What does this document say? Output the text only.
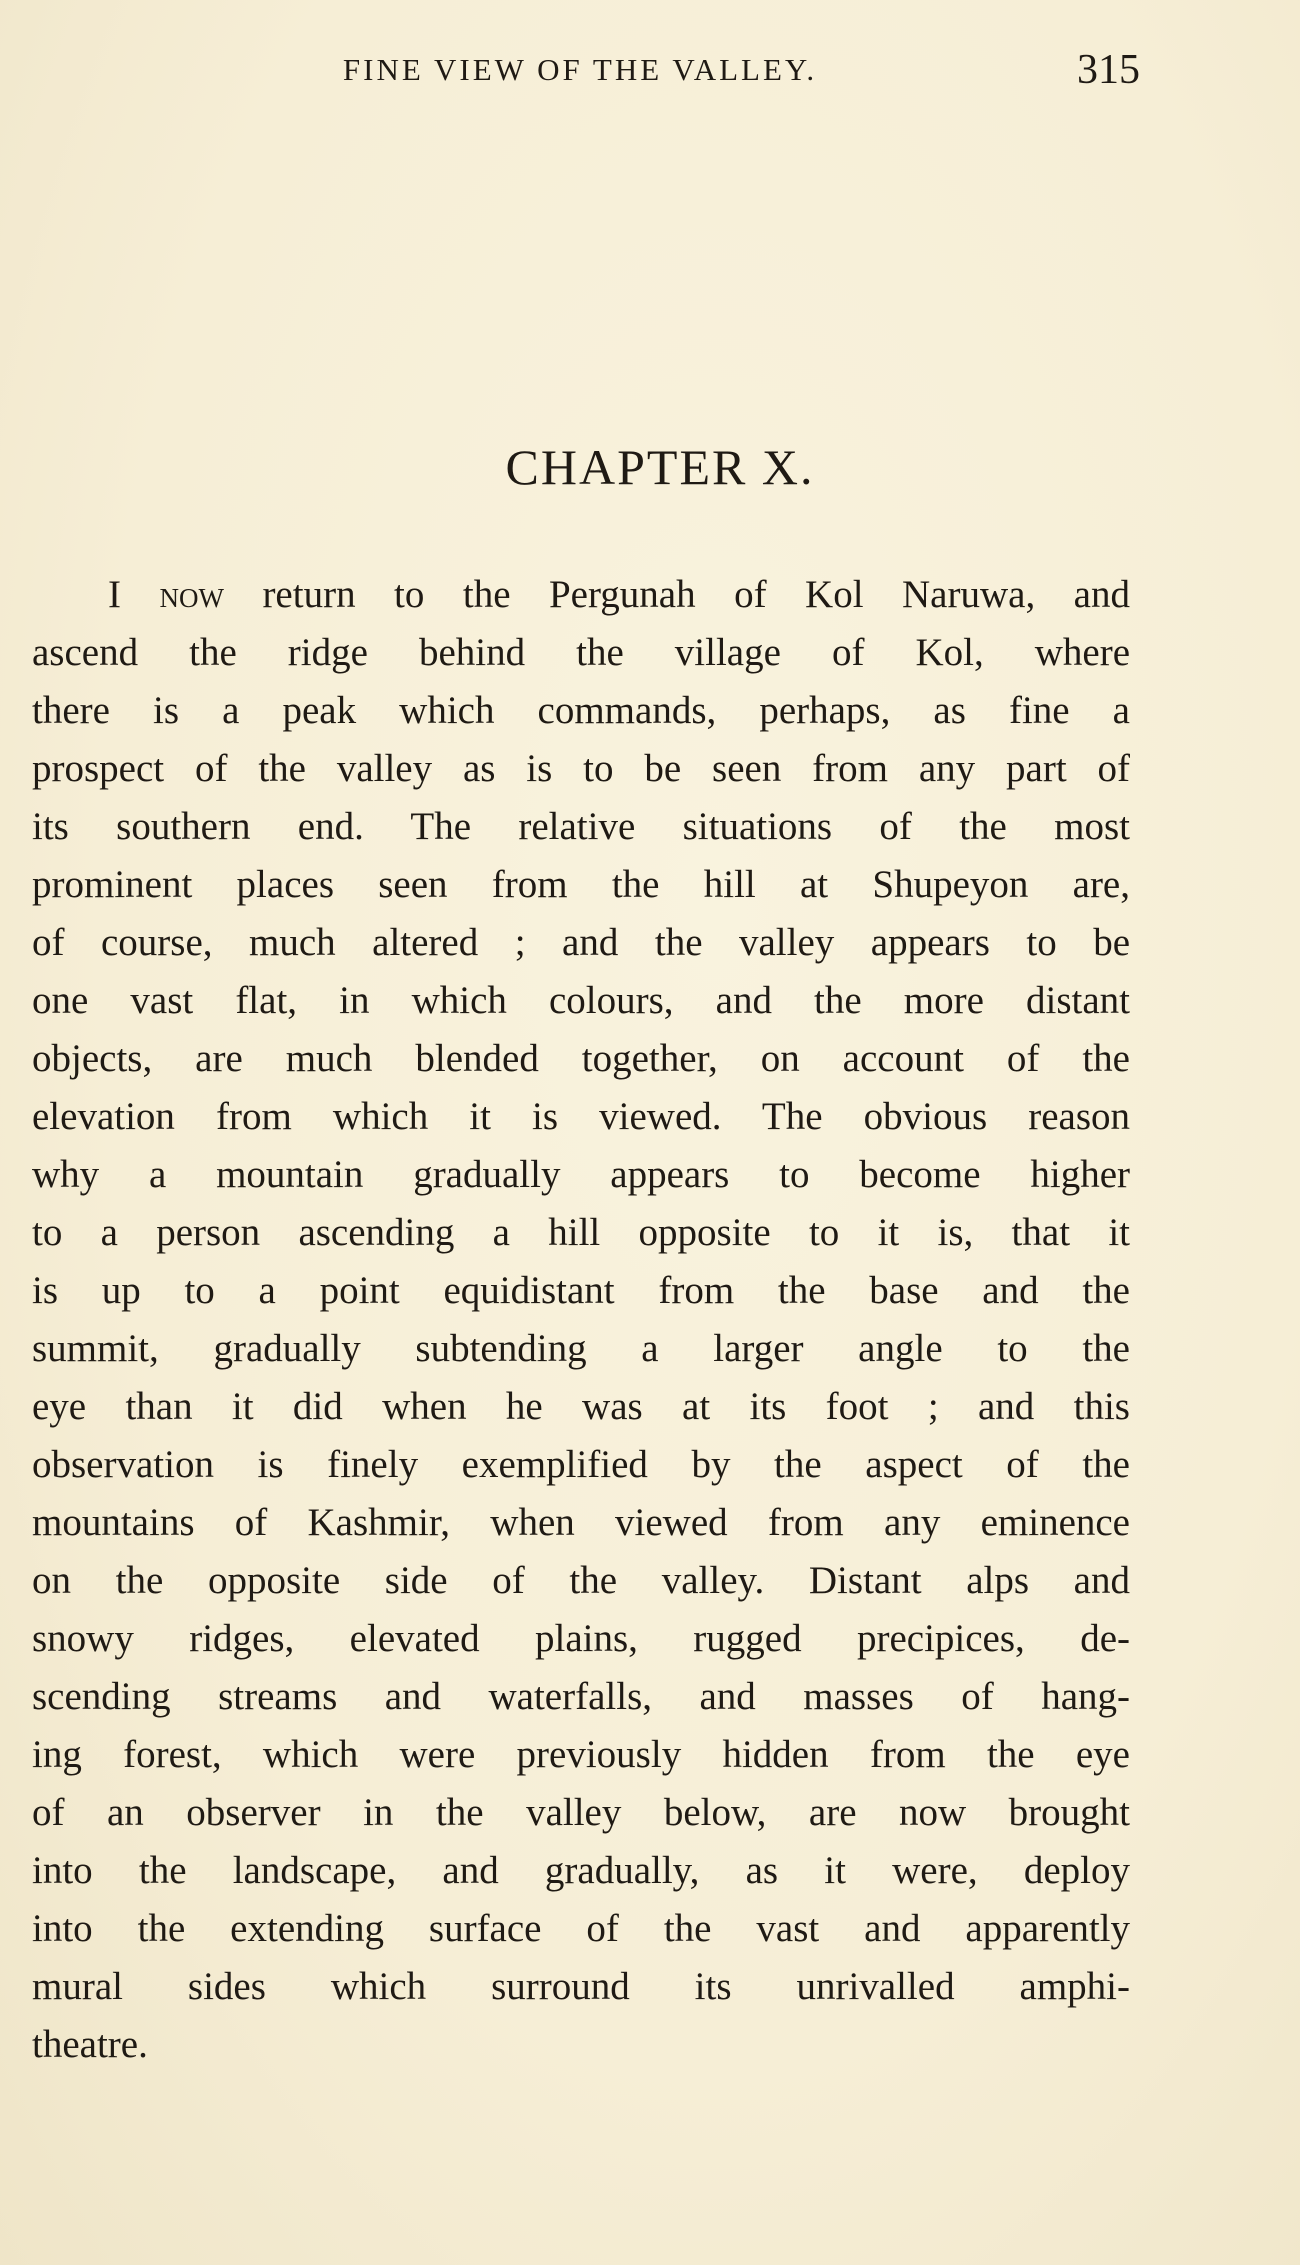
FINE VIEW OF THE VALLEY.	315
CHAPTER X.
I now return to the Pergunah of Kol Naruwa, and
ascend the ridge behind the village of Kol, where
there is a peak which commands, perhaps, as fine a
prospect of the valley as is to be seen from any part of
its southern end. The relative situations of the most
prominent places seen from the hill at Shupeyon are,
of course, much altered ; and the valley appears to be
one vast flat, in which colours, and the more distant
objects, are much blended together, on account of the
elevation from which it is viewed. The obvious reason
why a mountain gradually appears to become higher
to a person ascending a hill opposite to it is, that it
is up to a point equidistant from the base and the
summit, gradually subtending a larger angle to the
eye than it did when he was at its foot ; and this
observation is finely exemplified by the aspect of the
mountains of Kashmir, when viewed from any eminence
on the opposite side of the valley. Distant alps and
snowy ridges, elevated plains, rugged precipices, de-
scending streams and waterfalls, and masses of hang-
ing forest, which were previously hidden from the eye
of an observer in the valley below, are now brought
into the landscape, and gradually, as it were, deploy
into the extending surface of the vast and apparently
mural sides which surround its unrivalled amphi-
theatre.
